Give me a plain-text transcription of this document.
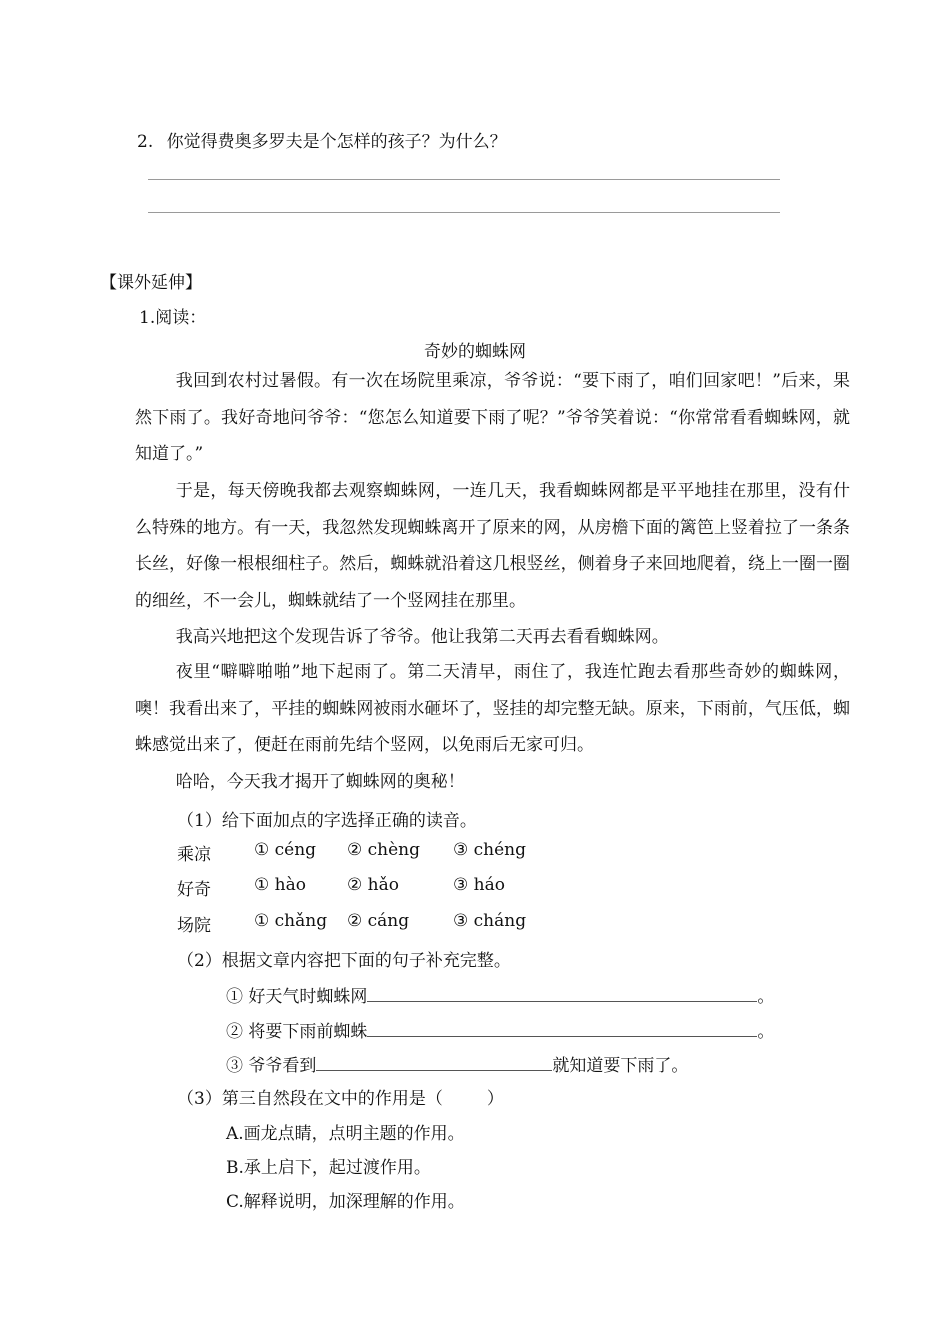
2. 你觉得费奥多罗夫是个怎样的孩子？为什么？
【课外延伸】
1.阅读：
奇妙的蜘蛛网
我回到农村过暑假。有一次在场院里乘凉，爷爷说：“要下雨了，咱们回家吧！”后来，果然下雨了。我好奇地问爷爷：“您怎么知道要下雨了呢？”爷爷笑着说：“你常常看看蜘蛛网，就知道了。”
于是，每天傍晚我都去观察蜘蛛网，一连几天，我看蜘蛛网都是平平地挂在那里，没有什么特殊的地方。有一天，我忽然发现蜘蛛离开了原来的网，从房檐下面的篱笆上竖着拉了一条条长丝，好像一根根细柱子。然后，蜘蛛就沿着这几根竖丝，侧着身子来回地爬着，绕上一圈一圈的细丝，不一会儿，蜘蛛就结了一个竖网挂在那里。
我高兴地把这个发现告诉了爷爷。他让我第二天再去看看蜘蛛网。
夜里“噼噼啪啪”地下起雨了。第二天清早，雨住了，我连忙跑去看那些奇妙的蜘蛛网，噢！我看出来了，平挂的蜘蛛网被雨水砸坏了，竖挂的却完整无缺。原来，下雨前，气压低，蜘蛛感觉出来了，便赶在雨前先结个竖网，以免雨后无家可归。
哈哈，今天我才揭开了蜘蛛网的奥秘！
（1）给下面加点的字选择正确的读音。
乘凉	① céng ② chèng ③ chéng
好奇	① hào ② hǎo	③ háo
场院	① chǎng ② cáng	③ cháng
（2）根据文章内容把下面的句子补充完整。
① 好天气时蜘蛛网	。
② 将要下雨前蜘蛛	。
③ 爷爷看到	就知道要下雨了。
（3）第三自然段在文中的作用是（	）
A.画龙点睛，点明主题的作用。
B.承上启下，起过渡作用。
C.解释说明，加深理解的作用。
